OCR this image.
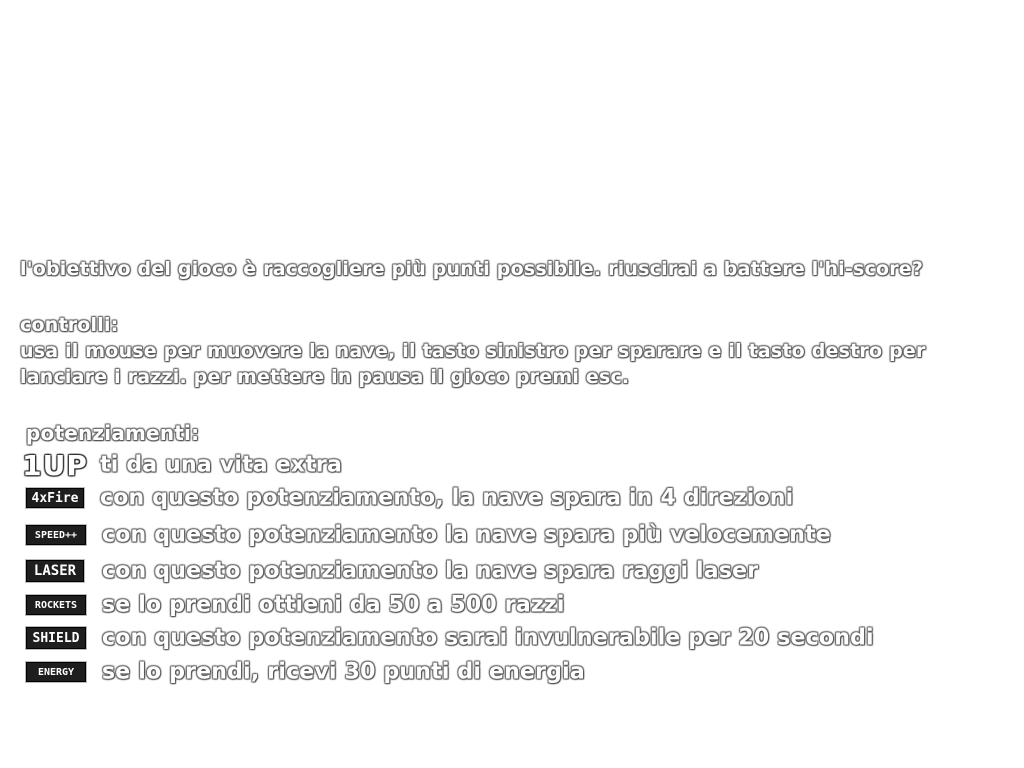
l'obiettivo del gioco è raccogliere più punti possibile. riuscirai a battere l'hi-score?
controlli:
usa il mouse per muovere la nave, il tasto sinistro per sparare e il tasto destro per
lanciare i razzi. per mettere in pausa il gioco premi esc.
potenziamenti:
1UP ti da una vita extra
4xFire con questo potenziamento, la nave spara in 4 direzioni
SPEED++	con questo potenziamento la nave spara più velocemente
LASER	con questo potenziamento la nave spara raggi laser
ROCKETS	se lo prendi ottieni da 50 a 500 razzi
SHIELD con questo potenziamento sarai invulnerabile per 20 secondi
ENERGY	se lo prendi, ricevi 30 punti di energia
